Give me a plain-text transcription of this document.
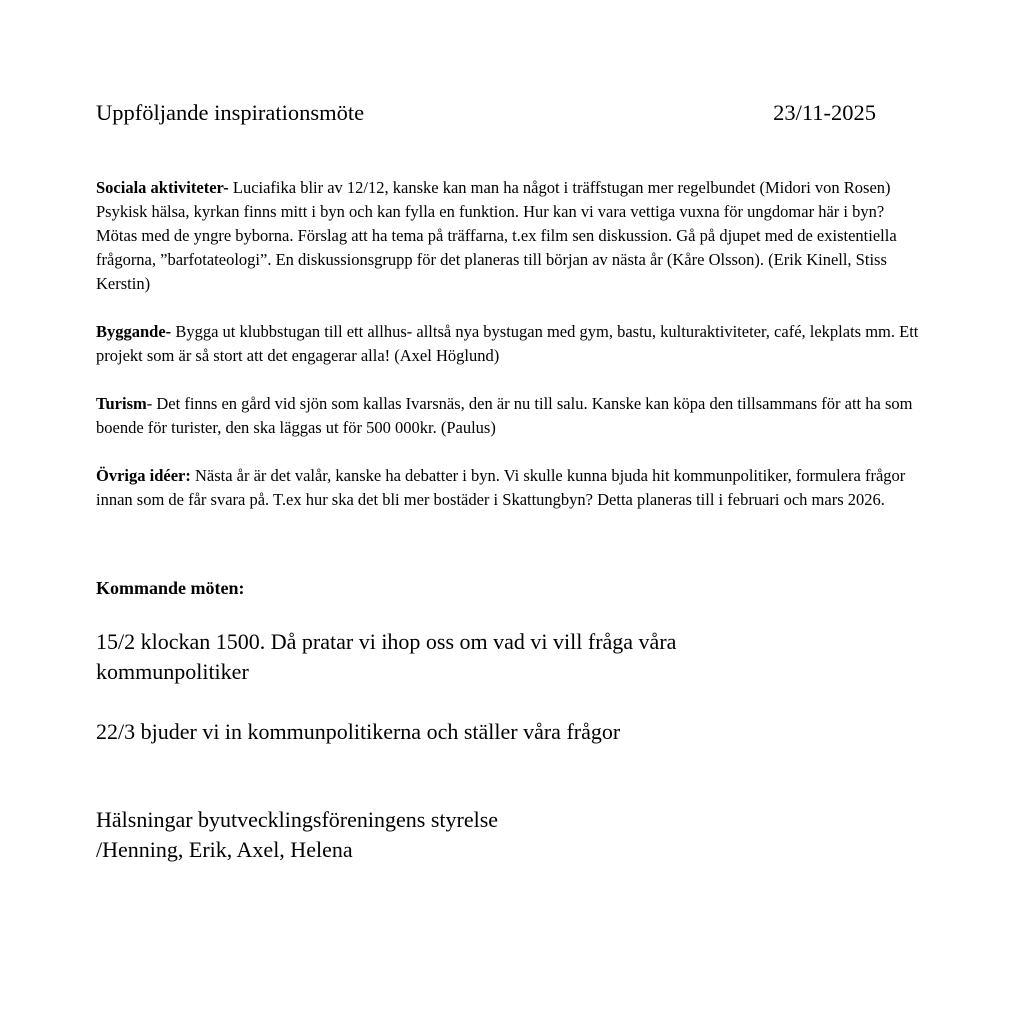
Uppföljande inspirationsmöte	23/11-2025

Sociala aktiviteter- Luciafika blir av 12/12, kanske kan man ha något i träffstugan mer regelbundet (Midori von Rosen) Psykisk hälsa, kyrkan finns mitt i byn och kan fylla en funktion. Hur kan vi vara vettiga vuxna för ungdomar här i byn? Mötas med de yngre byborna. Förslag att ha tema på träffarna, t.ex film sen diskussion. Gå på djupet med de existentiella frågorna, ”barfotateologi”. En diskussionsgrupp för det planeras till början av nästa år (Kåre Olsson). (Erik Kinell, Stiss Kerstin)

Byggande- Bygga ut klubbstugan till ett allhus- alltså nya bystugan med gym, bastu, kulturaktiviteter, café, lekplats mm. Ett projekt som är så stort att det engagerar alla! (Axel Höglund)

Turism- Det finns en gård vid sjön som kallas Ivarsnäs, den är nu till salu. Kanske kan köpa den tillsammans för att ha som boende för turister, den ska läggas ut för 500 000kr. (Paulus)

Övriga idéer: Nästa år är det valår, kanske ha debatter i byn. Vi skulle kunna bjuda hit kommunpolitiker, formulera frågor innan som de får svara på. T.ex hur ska det bli mer bostäder i Skattungbyn? Detta planeras till i februari och mars 2026.

Kommande möten:

15/2 klockan 1500. Då pratar vi ihop oss om vad vi vill fråga våra kommunpolitiker

22/3 bjuder vi in kommunpolitikerna och ställer våra frågor

Hälsningar byutvecklingsföreningens styrelse
/Henning, Erik, Axel, Helena
